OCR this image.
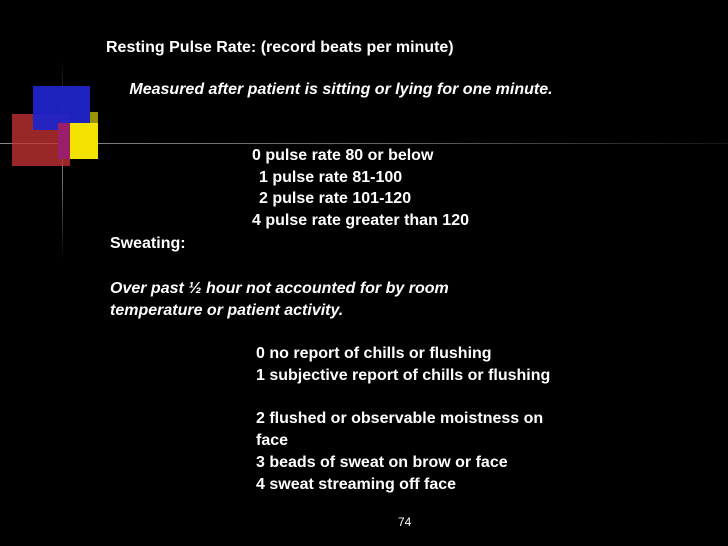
Resting Pulse Rate: (record beats per minute)
Measured after patient is sitting or lying for one minute.
0 pulse rate 80 or below
1 pulse rate 81-100
2 pulse rate 101-120
4 pulse rate greater than 120
Sweating:
Over past ½ hour not accounted for by room temperature or patient activity.
0 no report of chills or flushing
1 subjective report of chills or flushing
2 flushed or observable moistness on face
3 beads of sweat on brow or face
4 sweat streaming off face
74
